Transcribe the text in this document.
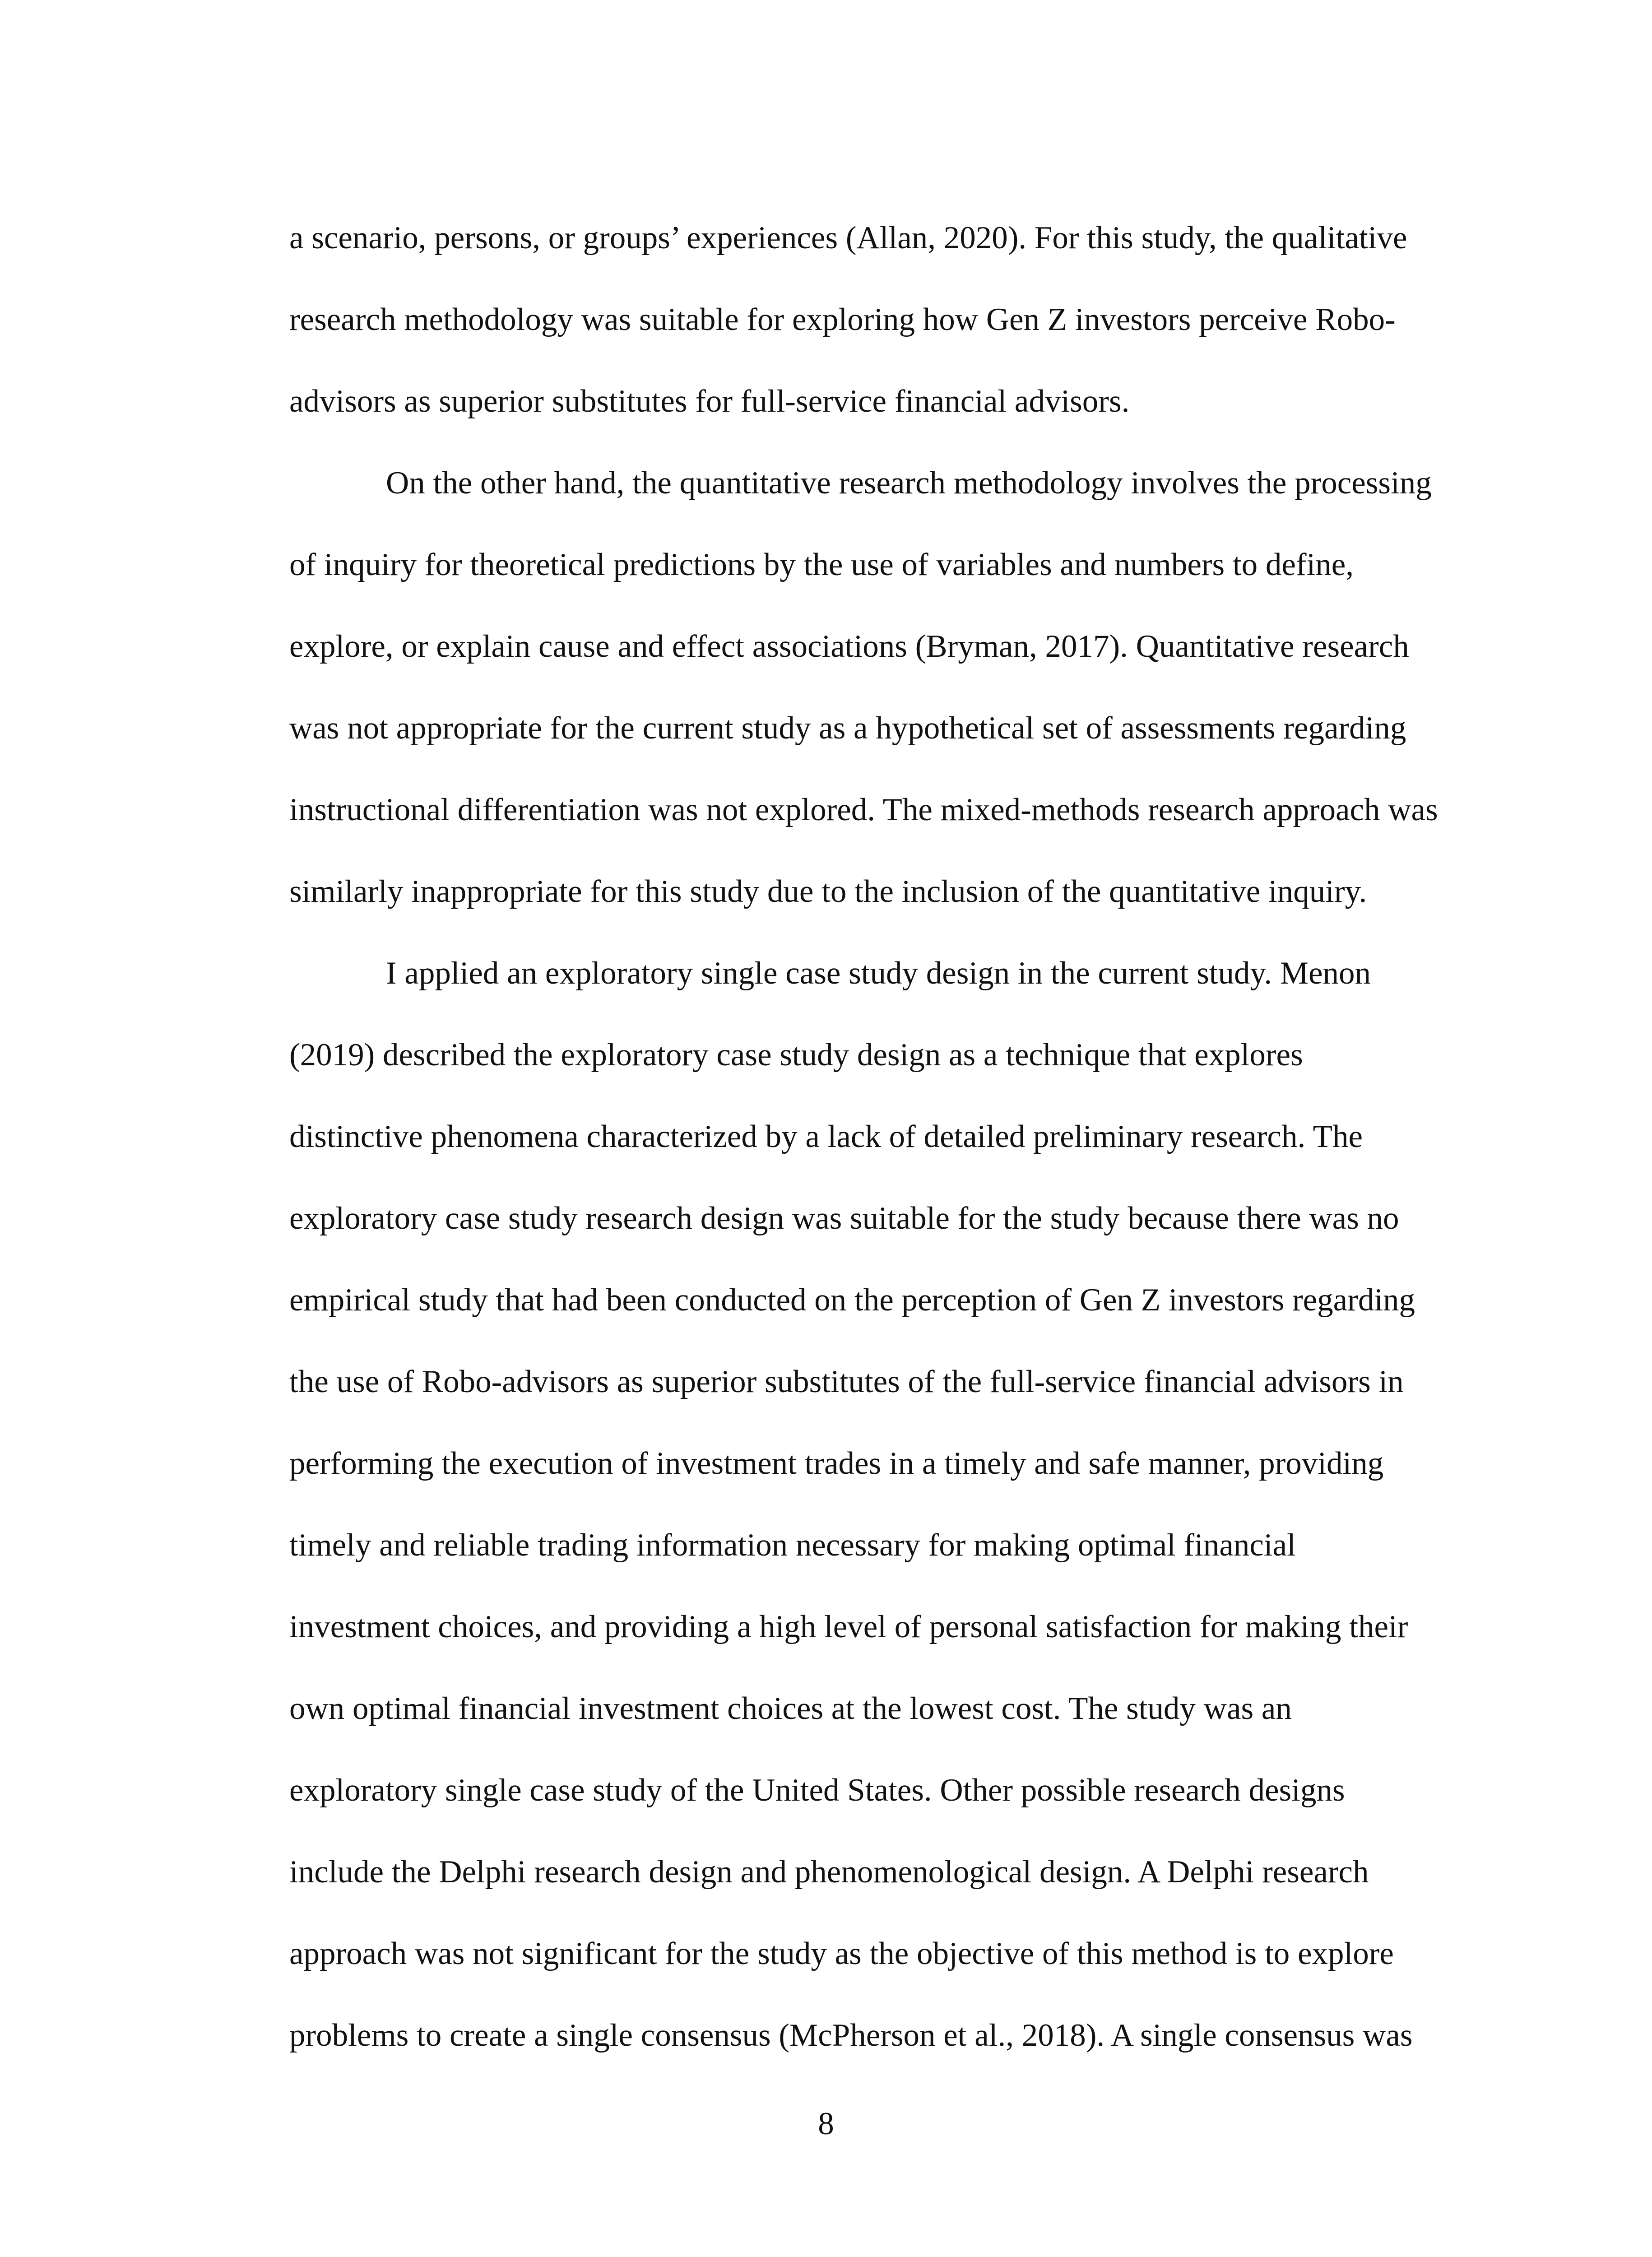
a scenario, persons, or groups’ experiences (Allan, 2020). For this study, the qualitative
research methodology was suitable for exploring how Gen Z investors perceive Robo-
advisors as superior substitutes for full-service financial advisors.
On the other hand, the quantitative research methodology involves the processing
of inquiry for theoretical predictions by the use of variables and numbers to define,
explore, or explain cause and effect associations (Bryman, 2017). Quantitative research
was not appropriate for the current study as a hypothetical set of assessments regarding
instructional differentiation was not explored. The mixed-methods research approach was
similarly inappropriate for this study due to the inclusion of the quantitative inquiry.
I applied an exploratory single case study design in the current study. Menon
(2019) described the exploratory case study design as a technique that explores
distinctive phenomena characterized by a lack of detailed preliminary research. The
exploratory case study research design was suitable for the study because there was no
empirical study that had been conducted on the perception of Gen Z investors regarding
the use of Robo-advisors as superior substitutes of the full-service financial advisors in
performing the execution of investment trades in a timely and safe manner, providing
timely and reliable trading information necessary for making optimal financial
investment choices, and providing a high level of personal satisfaction for making their
own optimal financial investment choices at the lowest cost. The study was an
exploratory single case study of the United States. Other possible research designs
include the Delphi research design and phenomenological design. A Delphi research
approach was not significant for the study as the objective of this method is to explore
problems to create a single consensus (McPherson et al., 2018). A single consensus was
8
